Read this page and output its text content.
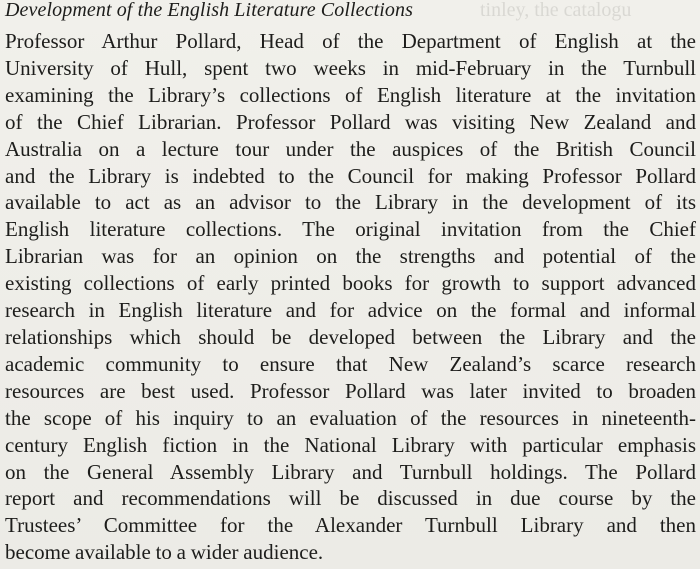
tinley, the catalogu
Development of the English Literature Collections

Professor Arthur Pollard, Head of the Department of English at the
University of Hull, spent two weeks in mid-February in the Turnbull
examining the Library’s collections of English literature at the invitation
of the Chief Librarian. Professor Pollard was visiting New Zealand and
Australia on a lecture tour under the auspices of the British Council
and the Library is indebted to the Council for making Professor Pollard
available to act as an advisor to the Library in the development of its
English literature collections. The original invitation from the Chief
Librarian was for an opinion on the strengths and potential of the
existing collections of early printed books for growth to support advanced
research in English literature and for advice on the formal and informal
relationships which should be developed between the Library and the
academic community to ensure that New Zealand’s scarce research
resources are best used. Professor Pollard was later invited to broaden
the scope of his inquiry to an evaluation of the resources in nineteenth-
century English fiction in the National Library with particular emphasis
on the General Assembly Library and Turnbull holdings. The Pollard
report and recommendations will be discussed in due course by the
Trustees’ Committee for the Alexander Turnbull Library and then
become available to a wider audience.
